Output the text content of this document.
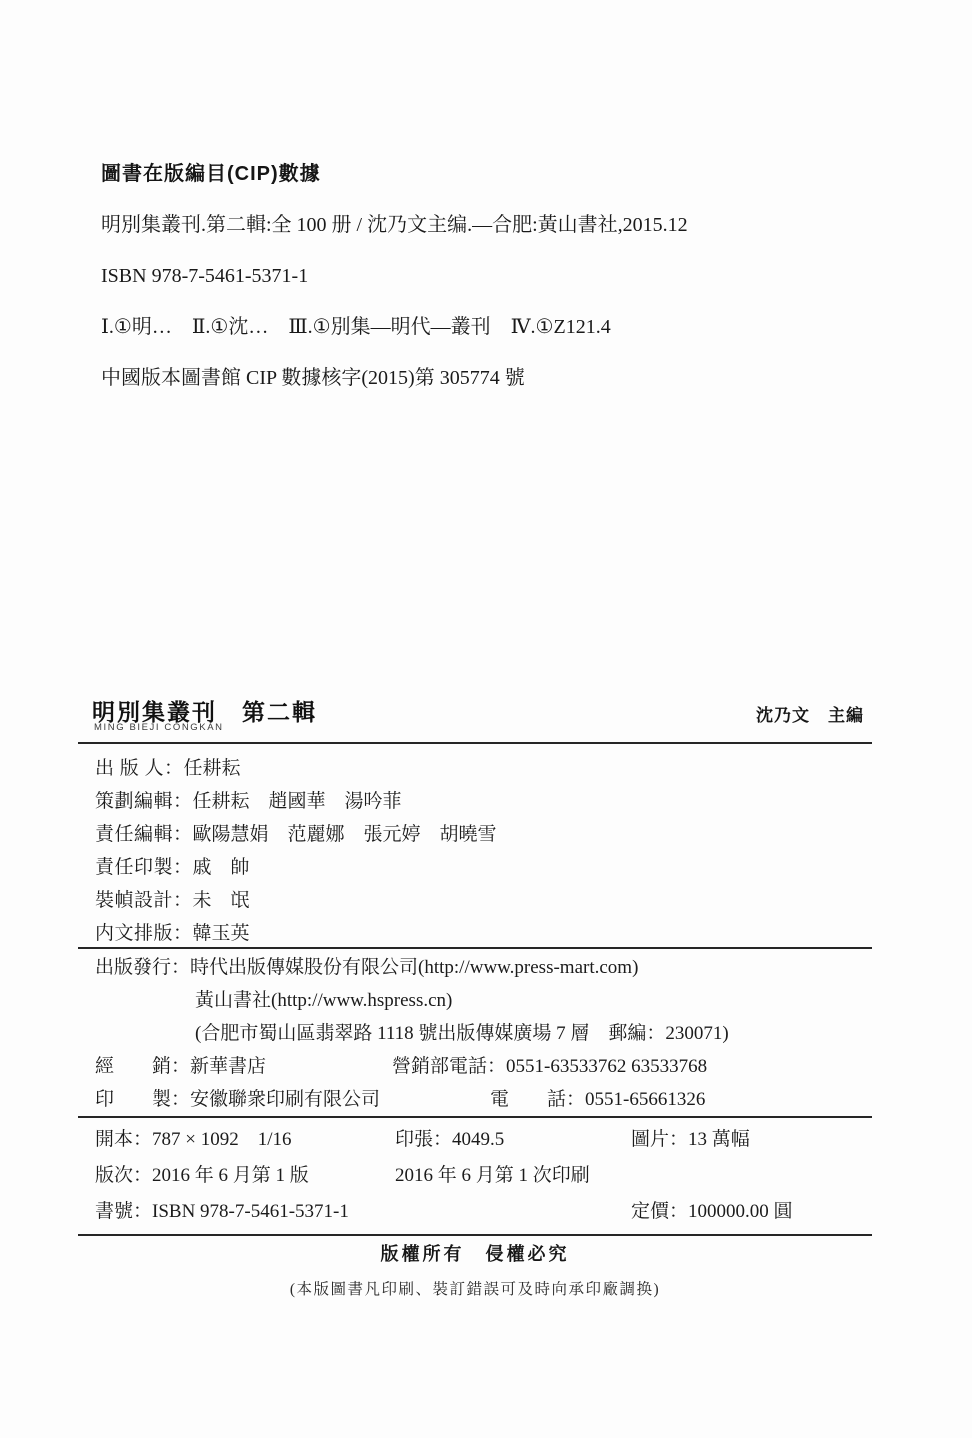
圖書在版編目(CIP)數據
明別集叢刊.第二輯:全 100 册 / 沈乃文主编.—合肥:黃山書社,2015.12
ISBN 978-7-5461-5371-1
Ⅰ.①明…　Ⅱ.①沈…　Ⅲ.①別集—明代—叢刊　Ⅳ.①Z121.4
中國版本圖書館 CIP 數據核字(2015)第 305774 號
明別集叢刊　第二輯
MING BIEJI CONGKAN
沈乃文　主編
出 版 人：任耕耘
策劃編輯：任耕耘　趙國華　湯吟菲
責任編輯：歐陽慧娟　范麗娜　張元婷　胡曉雪
責任印製：戚　帥
裝幀設計：未　氓
内文排版：韓玉英
出版發行：時代出版傳媒股份有限公司(http://www.press-mart.com)
黃山書社(http://www.hspress.cn)
(合肥市蜀山區翡翠路 1118 號出版傳媒廣場 7 層　郵編：230071)
經　　銷：新華書店	營銷部電話：0551-63533762 63533768
印　　製：安徽聯衆印刷有限公司	電　　話：0551-65661326
開本：787 × 1092　1/16	印張：4049.5	圖片：13 萬幅
版次：2016 年 6 月第 1 版	2016 年 6 月第 1 次印刷
書號：ISBN 978-7-5461-5371-1	定價：100000.00 圓
版權所有　侵權必究
(本版圖書凡印刷、裝訂錯誤可及時向承印廠調换)
